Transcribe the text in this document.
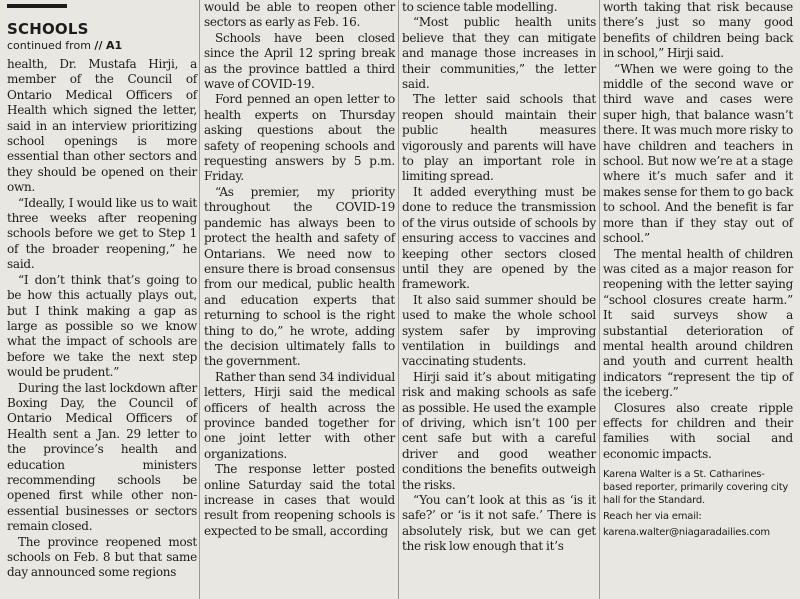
SCHOOLS
continued from // A1

health, Dr. Mustafa Hirji, a member of the Council of Ontario Medical Officers of Health which signed the letter, said in an interview prioritizing school openings is more essential than other sectors and they should be opened on their own.

“Ideally, I would like us to wait three weeks after reopening schools before we get to Step 1 of the broader reopening,” he said.

“I don’t think that’s going to be how this actually plays out, but I think making a gap as large as possible so we know what the impact of schools are before we take the next step would be prudent.”

During the last lockdown after Boxing Day, the Council of Ontario Medical Officers of Health sent a Jan. 29 letter to the province’s health and education ministers recommending schools be opened first while other non-essential businesses or sectors remain closed.

The province reopened most schools on Feb. 8 but that same day announced some regions

would be able to reopen other sectors as early as Feb. 16.

Schools have been closed since the April 12 spring break as the province battled a third wave of COVID-19.

Ford penned an open letter to health experts on Thursday asking questions about the safety of reopening schools and requesting answers by 5 p.m. Friday.

“As premier, my priority throughout the COVID-19 pandemic has always been to protect the health and safety of Ontarians. We need now to ensure there is broad consensus from our medical, public health and education experts that returning to school is the right thing to do,” he wrote, adding the decision ultimately falls to the government.

Rather than send 34 individual letters, Hirji said the medical officers of health across the province banded together for one joint letter with other organizations.

The response letter posted online Saturday said the total increase in cases that would result from reopening schools is expected to be small, according

to science table modelling.

“Most public health units believe that they can mitigate and manage those increases in their communities,” the letter said.

The letter said schools that reopen should maintain their public health measures vigorously and parents will have to play an important role in limiting spread.

It added everything must be done to reduce the transmission of the virus outside of schools by ensuring access to vaccines and keeping other sectors closed until they are opened by the framework.

It also said summer should be used to make the whole school system safer by improving ventilation in buildings and vaccinating students.

Hirji said it’s about mitigating risk and making schools as safe as possible. He used the example of driving, which isn’t 100 per cent safe but with a careful driver and good weather conditions the benefits outweigh the risks.

“You can’t look at this as ‘is it safe?’ or ‘is it not safe.’ There is absolutely risk, but we can get the risk low enough that it’s

worth taking that risk because there’s just so many good benefits of children being back in school,” Hirji said.

“When we were going to the middle of the second wave or third wave and cases were super high, that balance wasn’t there. It was much more risky to have children and teachers in school. But now we’re at a stage where it’s much safer and it makes sense for them to go back to school. And the benefit is far more than if they stay out of school.”

The mental health of children was cited as a major reason for reopening with the letter saying “school closures create harm.” It said surveys show a substantial deterioration of mental health around children and youth and current health indicators “represent the tip of the iceberg.”

Closures also create ripple effects for children and their families with social and economic impacts.

Karena Walter is a St. Catharines-based reporter, primarily covering city hall for the Standard.

Reach her via email:

karena.walter@niagaradailies.com
